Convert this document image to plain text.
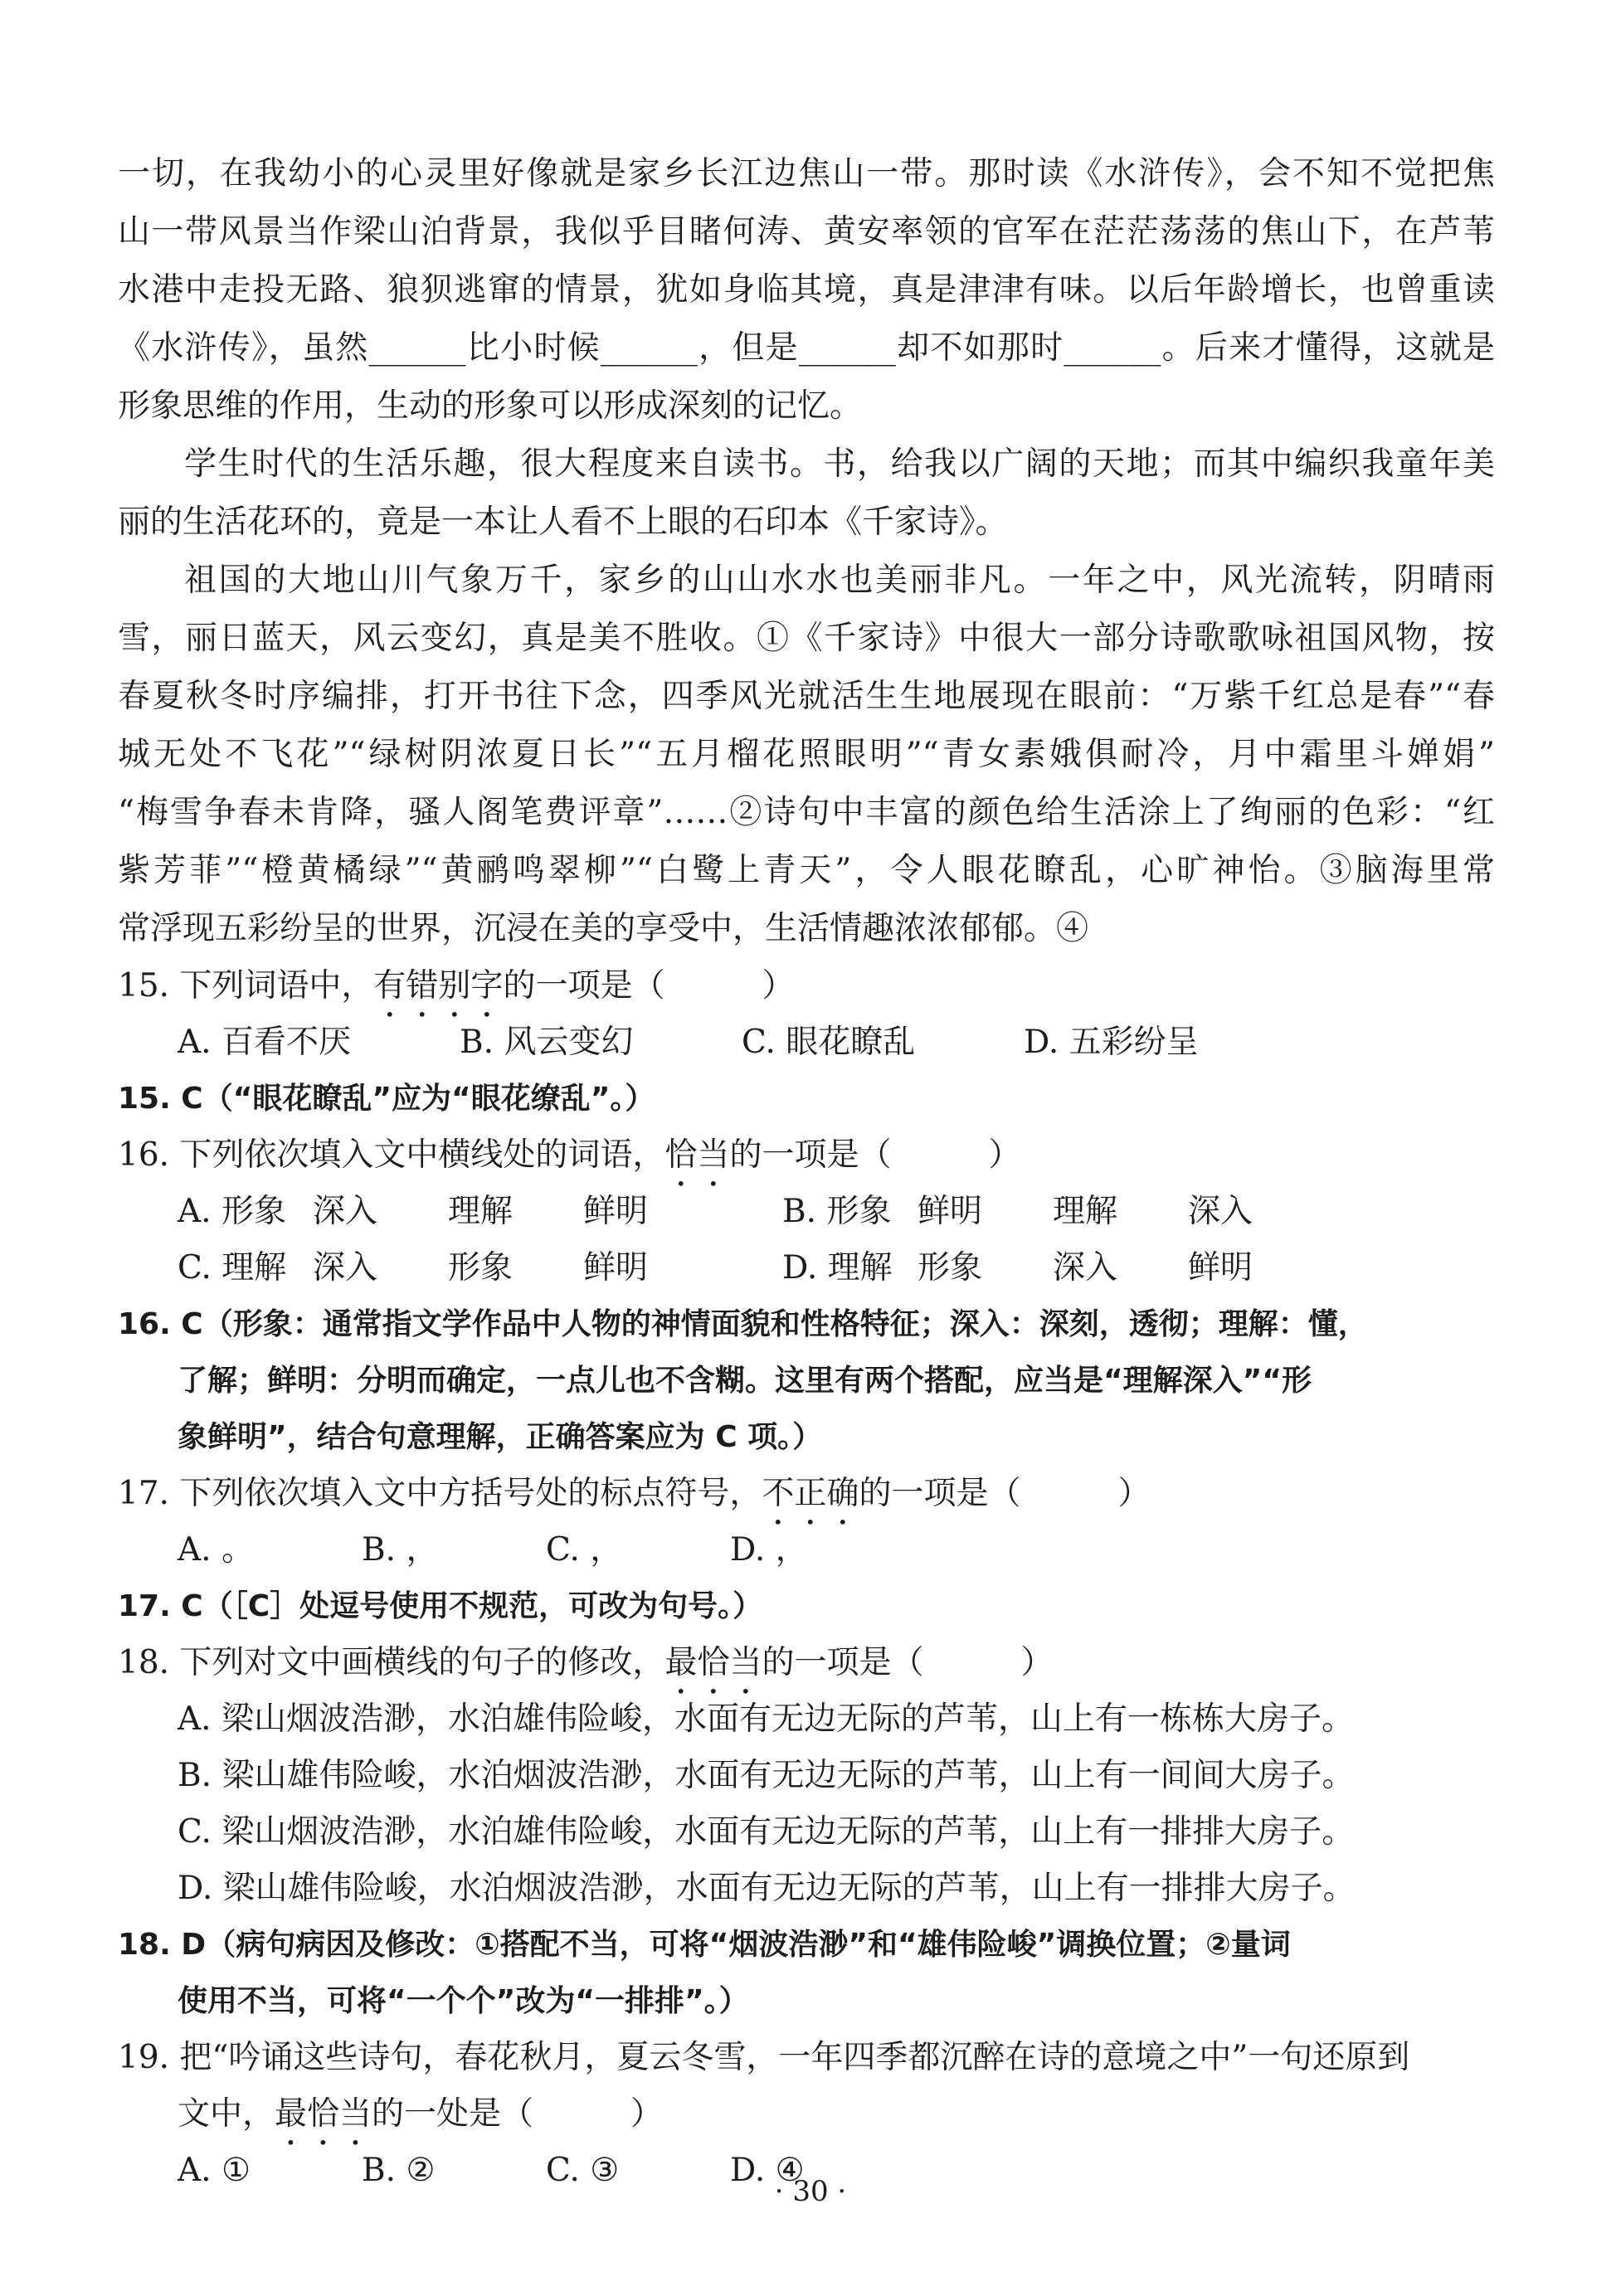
一切，在我幼小的心灵里好像就是家乡长江边焦山一带。那时读《水浒传》，会不知不觉把焦
山一带风景当作梁山泊背景，我似乎目睹何涛、黄安率领的官军在茫茫荡荡的焦山下，在芦苇
水港中走投无路、狼狈逃窜的情景，犹如身临其境，真是津津有味。以后年龄增长，也曾重读
《水浒传》，虽然______比小时候______，但是______却不如那时______。后来才懂得，这就是
形象思维的作用，生动的形象可以形成深刻的记忆。
学生时代的生活乐趣，很大程度来自读书。书，给我以广阔的天地；而其中编织我童年美
丽的生活花环的，竟是一本让人看不上眼的石印本《千家诗》。
祖国的大地山川气象万千，家乡的山山水水也美丽非凡。一年之中，风光流转，阴晴雨
雪，丽日蓝天，风云变幻，真是美不胜收。①《千家诗》中很大一部分诗歌歌咏祖国风物，按
春夏秋冬时序编排，打开书往下念，四季风光就活生生地展现在眼前：“万紫千红总是春”“春
城无处不飞花”“绿树阴浓夏日长”“五月榴花照眼明”“青女素娥俱耐冷，月中霜里斗婵娟”
“梅雪争春未肯降，骚人阁笔费评章”……②诗句中丰富的颜色给生活涂上了绚丽的色彩：“红
紫芳菲”“橙黄橘绿”“黄鹂鸣翠柳”“白鹭上青天”，令人眼花瞭乱，心旷神怡。③脑海里常
常浮现五彩纷呈的世界，沉浸在美的享受中，生活情趣浓浓郁郁。④
15. 下列词语中，有错别字的一项是（　　　）
A. 百看不厌	B. 风云变幻	C. 眼花瞭乱	D. 五彩纷呈
15. C（“眼花瞭乱”应为“眼花缭乱”。）
16. 下列依次填入文中横线处的词语，恰当的一项是（　　　）
A. 形象 深入	理解	鲜明	B. 形象 鲜明	理解	深入
C. 理解 深入	形象	鲜明	D. 理解 形象	深入	鲜明
16. C（形象：通常指文学作品中人物的神情面貌和性格特征；深入：深刻，透彻；理解：懂，
了解；鲜明：分明而确定，一点儿也不含糊。这里有两个搭配，应当是“理解深入”“形
象鲜明”，结合句意理解，正确答案应为 C 项。）
17. 下列依次填入文中方括号处的标点符号，不正确的一项是（　　　）
A. 。	B. ，	C. ，	D. ，
17. C（［C］处逗号使用不规范，可改为句号。）
18. 下列对文中画横线的句子的修改，最恰当的一项是（　　　）
A. 梁山烟波浩渺，水泊雄伟险峻，水面有无边无际的芦苇，山上有一栋栋大房子。
B. 梁山雄伟险峻，水泊烟波浩渺，水面有无边无际的芦苇，山上有一间间大房子。
C. 梁山烟波浩渺，水泊雄伟险峻，水面有无边无际的芦苇，山上有一排排大房子。
D. 梁山雄伟险峻，水泊烟波浩渺，水面有无边无际的芦苇，山上有一排排大房子。
18. D（病句病因及修改：①搭配不当，可将“烟波浩渺”和“雄伟险峻”调换位置；②量词
使用不当，可将“一个个”改为“一排排”。）
19. 把“吟诵这些诗句，春花秋月，夏云冬雪，一年四季都沉醉在诗的意境之中”一句还原到
文中，最恰当的一处是（　　　）
A. ①	B. ②	C. ③	D. ④
· 30 ·
